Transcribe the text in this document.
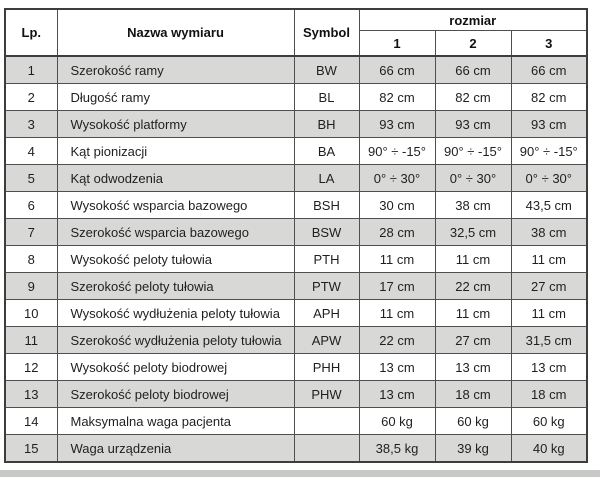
Lp.	Nazwa wymiaru	Symbol	rozmiar		
			1	2	3
1	Szerokość ramy	BW	66 cm	66 cm	66 cm
2	Długość ramy	BL	82 cm	82 cm	82 cm
3	Wysokość platformy	BH	93 cm	93 cm	93 cm
4	Kąt pionizacji	BA	90° ÷ -15°	90° ÷ -15°	90° ÷ -15°
5	Kąt odwodzenia	LA	0° ÷ 30°	0° ÷ 30°	0° ÷ 30°
6	Wysokość wsparcia bazowego	BSH	30 cm	38 cm	43,5 cm
7	Szerokość wsparcia bazowego	BSW	28 cm	32,5 cm	38 cm
8	Wysokość peloty tułowia	PTH	11 cm	11 cm	11 cm
9	Szerokość peloty tułowia	PTW	17 cm	22 cm	27 cm
10	Wysokość wydłużenia peloty tułowia	APH	11 cm	11 cm	11 cm
11	Szerokość wydłużenia peloty tułowia	APW	22 cm	27 cm	31,5 cm
12	Wysokość peloty biodrowej	PHH	13 cm	13 cm	13 cm
13	Szerokość peloty biodrowej	PHW	13 cm	18 cm	18 cm
14	Maksymalna waga pacjenta		60 kg	60 kg	60 kg
15	Waga urządzenia		38,5 kg	39 kg	40 kg
